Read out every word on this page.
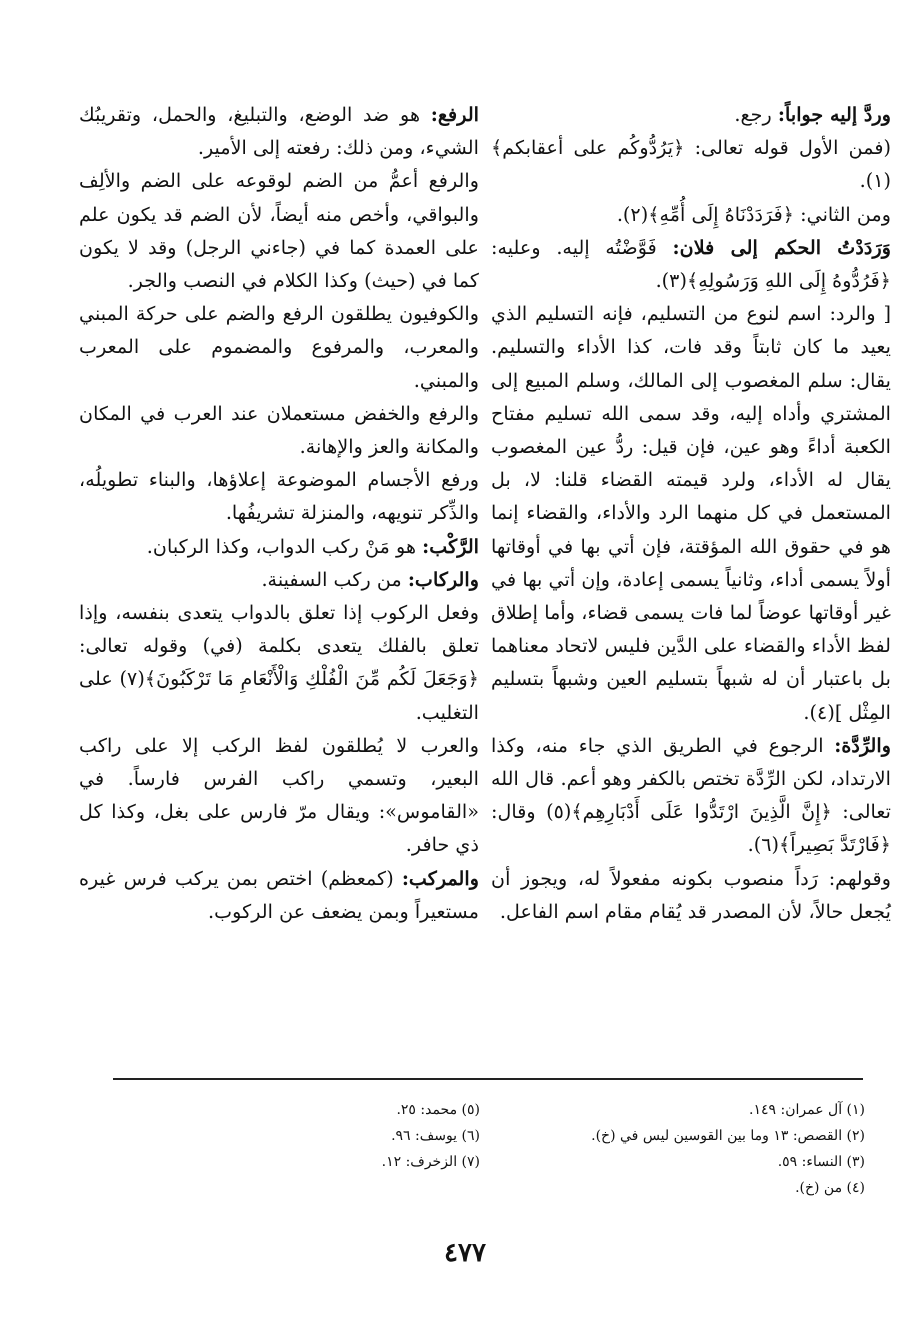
وردَّ إليه جواباً: رجع.

(فمن الأول قوله تعالى: ﴿يَرُدُّوكُم على أعقابكم﴾(١).

ومن الثاني: ﴿فَرَدَدْنَاهُ إِلَى أُمِّهِ﴾(٢).

وَرَدَدْتُ الحكم إلى فلان: فَوَّضْتُه إليه. وعليه: ﴿فَرُدُّوهُ إِلَى اللهِ وَرَسُولِهِ﴾(٣).

[ والرد: اسم لنوع من التسليم، فإنه التسليم الذي يعيد ما كان ثابتاً وقد فات، كذا الأداء والتسليم. يقال: سلم المغصوب إلى المالك، وسلم المبيع إلى المشتري وأداه إليه، وقد سمى الله تسليم مفتاح الكعبة أداءً وهو عين، فإن قيل: ردُّ عين المغصوب يقال له الأداء، ولرد قيمته القضاء قلنا: لا، بل المستعمل في كل منهما الرد والأداء، والقضاء إنما هو في حقوق الله المؤقتة، فإن أتي بها في أوقاتها أولاً يسمى أداء، وثانياً يسمى إعادة، وإن أتي بها في غير أوقاتها عوضاً لما فات يسمى قضاء، وأما إطلاق لفظ الأداء والقضاء على الدَّين فليس لاتحاد معناهما بل باعتبار أن له شبهاً بتسليم العين وشبهاً بتسليم المِثْل ](٤).

والرِّدَّة: الرجوع في الطريق الذي جاء منه، وكذا الارتداد، لكن الرِّدَّة تختص بالكفر وهو أعم. قال الله تعالى: ﴿إِنَّ الَّذِينَ ارْتَدُّوا عَلَى أَدْبَارِهِم﴾(٥) وقال: ﴿فَارْتَدَّ بَصِيراً﴾(٦).

وقولهم: رَداً منصوب بكونه مفعولاً له، ويجوز أن يُجعل حالاً، لأن المصدر قد يُقام مقام اسم الفاعل.

الرفع: هو ضد الوضع، والتبليغ، والحمل، وتقريبُك الشيء، ومن ذلك: رفعته إلى الأمير.

والرفع أعمُّ من الضم لوقوعه على الضم والألِف والبواقي، وأخص منه أيضاً، لأن الضم قد يكون علم على العمدة كما في (جاءني الرجل) وقد لا يكون كما في (حيث) وكذا الكلام في النصب والجر.

والكوفيون يطلقون الرفع والضم على حركة المبني والمعرب، والمرفوع والمضموم على المعرب والمبني.

والرفع والخفض مستعملان عند العرب في المكان والمكانة والعز والإهانة.

ورفع الأجسام الموضوعة إعلاؤها، والبناء تطويلُه، والذِّكر تنويهه، والمنزلة تشريفُها.

الرَّكْب: هو مَنْ ركب الدواب، وكذا الركبان.

والركاب: من ركب السفينة.

وفعل الركوب إذا تعلق بالدواب يتعدى بنفسه، وإذا تعلق بالفلك يتعدى بكلمة (في) وقوله تعالى: ﴿وَجَعَلَ لَكُم مِّنَ الْفُلْكِ وَالْأَنْعَامِ مَا تَرْكَبُونَ﴾(٧) على التغليب.

والعرب لا يُطلقون لفظ الركب إلا على راكب البعير، وتسمي راكب الفرس فارساً. في «القاموس»: ويقال مرّ فارس على بغل، وكذا كل ذي حافر.

والمركب: (كمعظم) اختص بمن يركب فرس غيره مستعيراً وبمن يضعف عن الركوب.

(١) آل عمران: ١٤٩.
(٢) القصص: ١٣ وما بين القوسين ليس في (خ).
(٣) النساء: ٥٩.
(٤) من (خ).
(٥) محمد: ٢٥.
(٦) يوسف: ٩٦.
(٧) الزخرف: ١٢.
٤٧٧
